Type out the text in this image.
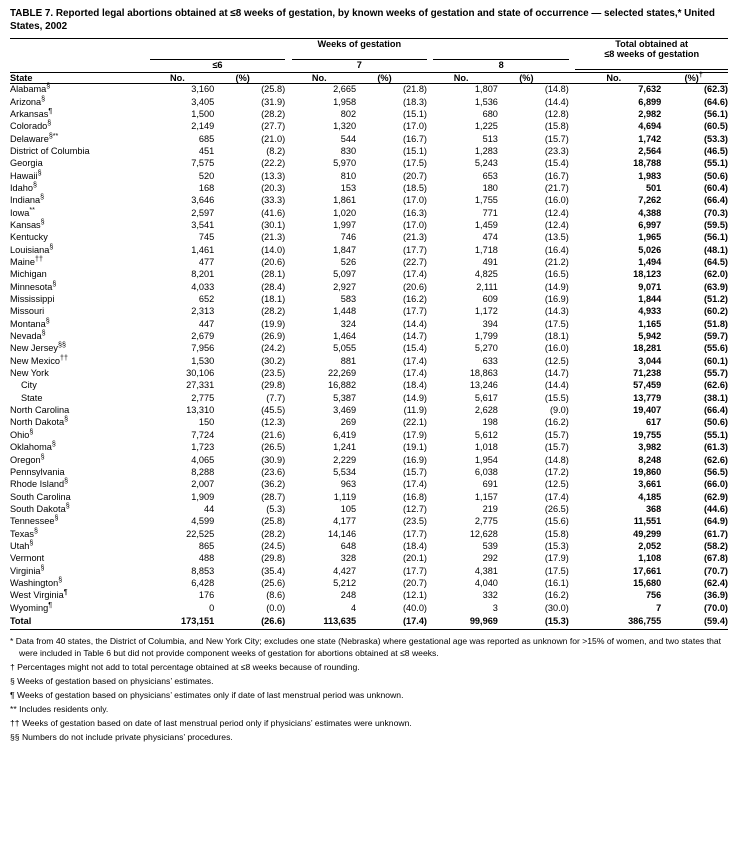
TABLE 7. Reported legal abortions obtained at ≤8 weeks of gestation, by known weeks of gestation and state of occurrence — selected states,* United States, 2002
	Weeks of gestation									Total obtained at	
										≤8 weeks of gestation	
	≤6			7			8				

State	No.	(%)		No.	(%)		No.	(%)		No.	(%)†
Alabama§	3,160	(25.8)		2,665	(21.8)		1,807	(14.8)		7,632	(62.3)
Arizona§	3,405	(31.9)		1,958	(18.3)		1,536	(14.4)		6,899	(64.6)
Arkansas¶	1,500	(28.2)		802	(15.1)		680	(12.8)		2,982	(56.1)
Colorado§	2,149	(27.7)		1,320	(17.0)		1,225	(15.8)		4,694	(60.5)
Delaware§**	685	(21.0)		544	(16.7)		513	(15.7)		1,742	(53.3)
District of Columbia	451	(8.2)		830	(15.1)		1,283	(23.3)		2,564	(46.5)
Georgia	7,575	(22.2)		5,970	(17.5)		5,243	(15.4)		18,788	(55.1)
Hawaii§	520	(13.3)		810	(20.7)		653	(16.7)		1,983	(50.6)
Idaho§	168	(20.3)		153	(18.5)		180	(21.7)		501	(60.4)
Indiana§	3,646	(33.3)		1,861	(17.0)		1,755	(16.0)		7,262	(66.4)
Iowa**	2,597	(41.6)		1,020	(16.3)		771	(12.4)		4,388	(70.3)
Kansas§	3,541	(30.1)		1,997	(17.0)		1,459	(12.4)		6,997	(59.5)
Kentucky	745	(21.3)		746	(21.3)		474	(13.5)		1,965	(56.1)
Louisiana§	1,461	(14.0)		1,847	(17.7)		1,718	(16.4)		5,026	(48.1)
Maine††	477	(20.6)		526	(22.7)		491	(21.2)		1,494	(64.5)
Michigan	8,201	(28.1)		5,097	(17.4)		4,825	(16.5)		18,123	(62.0)
Minnesota§	4,033	(28.4)		2,927	(20.6)		2,111	(14.9)		9,071	(63.9)
Mississippi	652	(18.1)		583	(16.2)		609	(16.9)		1,844	(51.2)
Missouri	2,313	(28.2)		1,448	(17.7)		1,172	(14.3)		4,933	(60.2)
Montana§	447	(19.9)		324	(14.4)		394	(17.5)		1,165	(51.8)
Nevada§	2,679	(26.9)		1,464	(14.7)		1,799	(18.1)		5,942	(59.7)
New Jersey§§	7,956	(24.2)		5,055	(15.4)		5,270	(16.0)		18,281	(55.6)
New Mexico††	1,530	(30.2)		881	(17.4)		633	(12.5)		3,044	(60.1)
New York	30,106	(23.5)		22,269	(17.4)		18,863	(14.7)		71,238	(55.7)
City	27,331	(29.8)		16,882	(18.4)		13,246	(14.4)		57,459	(62.6)
State	2,775	(7.7)		5,387	(14.9)		5,617	(15.5)		13,779	(38.1)
North Carolina	13,310	(45.5)		3,469	(11.9)		2,628	(9.0)		19,407	(66.4)
North Dakota§	150	(12.3)		269	(22.1)		198	(16.2)		617	(50.6)
Ohio§	7,724	(21.6)		6,419	(17.9)		5,612	(15.7)		19,755	(55.1)
Oklahoma§	1,723	(26.5)		1,241	(19.1)		1,018	(15.7)		3,982	(61.3)
Oregon§	4,065	(30.9)		2,229	(16.9)		1,954	(14.8)		8,248	(62.6)
Pennsylvania	8,288	(23.6)		5,534	(15.7)		6,038	(17.2)		19,860	(56.5)
Rhode Island§	2,007	(36.2)		963	(17.4)		691	(12.5)		3,661	(66.0)
South Carolina	1,909	(28.7)		1,119	(16.8)		1,157	(17.4)		4,185	(62.9)
South Dakota§	44	(5.3)		105	(12.7)		219	(26.5)		368	(44.6)
Tennessee§	4,599	(25.8)		4,177	(23.5)		2,775	(15.6)		11,551	(64.9)
Texas§	22,525	(28.2)		14,146	(17.7)		12,628	(15.8)		49,299	(61.7)
Utah§	865	(24.5)		648	(18.4)		539	(15.3)		2,052	(58.2)
Vermont	488	(29.8)		328	(20.1)		292	(17.9)		1,108	(67.8)
Virginia§	8,853	(35.4)		4,427	(17.7)		4,381	(17.5)		17,661	(70.7)
Washington§	6,428	(25.6)		5,212	(20.7)		4,040	(16.1)		15,680	(62.4)
West Virginia¶	176	(8.6)		248	(12.1)		332	(16.2)		756	(36.9)
Wyoming¶	0	(0.0)		4	(40.0)		3	(30.0)		7	(70.0)
Total	173,151	(26.6)		113,635	(17.4)		99,969	(15.3)		386,755	(59.4)
* Data from 40 states, the District of Columbia, and New York City; excludes one state (Nebraska) where gestational age was reported as unknown for >15% of women, and two states that were included in Table 6 but did not provide component weeks of gestation for abortions obtained at ≤8 weeks.
† Percentages might not add to total percentage obtained at ≤8 weeks because of rounding.
§ Weeks of gestation based on physicians’ estimates.
¶ Weeks of gestation based on physicians’ estimates only if date of last menstrual period was unknown.
** Includes residents only.
†† Weeks of gestation based on date of last menstrual period only if physicians’ estimates were unknown.
§§ Numbers do not include private physicians’ procedures.
